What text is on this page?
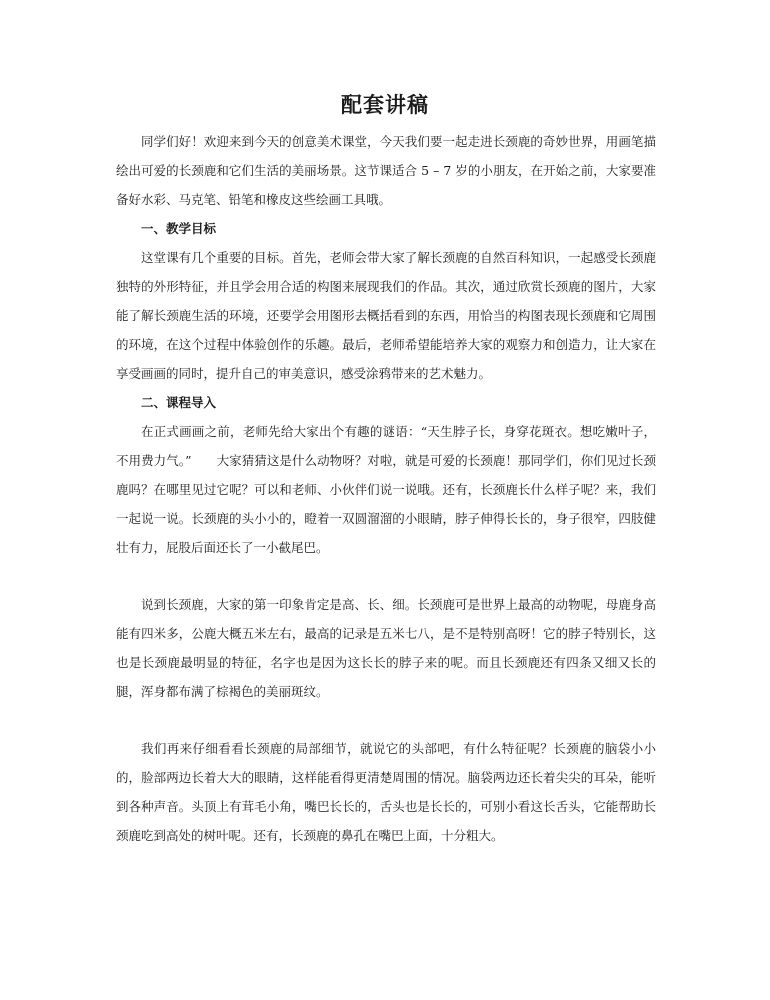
配套讲稿

同学们好！欢迎来到今天的创意美术课堂，今天我们要一起走进长颈鹿的奇妙世界，用画笔描绘出可爱的长颈鹿和它们生活的美丽场景。这节课适合 5 – 7 岁的小朋友，在开始之前，大家要准备好水彩、马克笔、铅笔和橡皮这些绘画工具哦。

一、教学目标

这堂课有几个重要的目标。首先，老师会带大家了解长颈鹿的自然百科知识，一起感受长颈鹿独特的外形特征，并且学会用合适的构图来展现我们的作品。其次，通过欣赏长颈鹿的图片，大家能了解长颈鹿生活的环境，还要学会用图形去概括看到的东西，用恰当的构图表现长颈鹿和它周围的环境，在这个过程中体验创作的乐趣。最后，老师希望能培养大家的观察力和创造力，让大家在享受画画的同时，提升自己的审美意识，感受涂鸦带来的艺术魅力。

二、课程导入

在正式画画之前，老师先给大家出个有趣的谜语：“天生脖子长，身穿花斑衣。想吃嫩叶子，不用费力气。”　　大家猜猜这是什么动物呀？对啦，就是可爱的长颈鹿！那同学们，你们见过长颈鹿吗？在哪里见过它呢？可以和老师、小伙伴们说一说哦。还有，长颈鹿长什么样子呢？来，我们一起说一说。长颈鹿的头小小的，瞪着一双圆溜溜的小眼睛，脖子伸得长长的，身子很窄，四肢健壮有力，屁股后面还长了一小截尾巴。

说到长颈鹿，大家的第一印象肯定是高、长、细。长颈鹿可是世界上最高的动物呢，母鹿身高能有四米多，公鹿大概五米左右，最高的记录是五米七八，是不是特别高呀！它的脖子特别长，这也是长颈鹿最明显的特征，名字也是因为这长长的脖子来的呢。而且长颈鹿还有四条又细又长的腿，浑身都布满了棕褐色的美丽斑纹。

我们再来仔细看看长颈鹿的局部细节，就说它的头部吧，有什么特征呢？长颈鹿的脑袋小小的，脸部两边长着大大的眼睛，这样能看得更清楚周围的情况。脑袋两边还长着尖尖的耳朵，能听到各种声音。头顶上有茸毛小角，嘴巴长长的，舌头也是长长的，可别小看这长舌头，它能帮助长颈鹿吃到高处的树叶呢。还有，长颈鹿的鼻孔在嘴巴上面，十分粗大。
